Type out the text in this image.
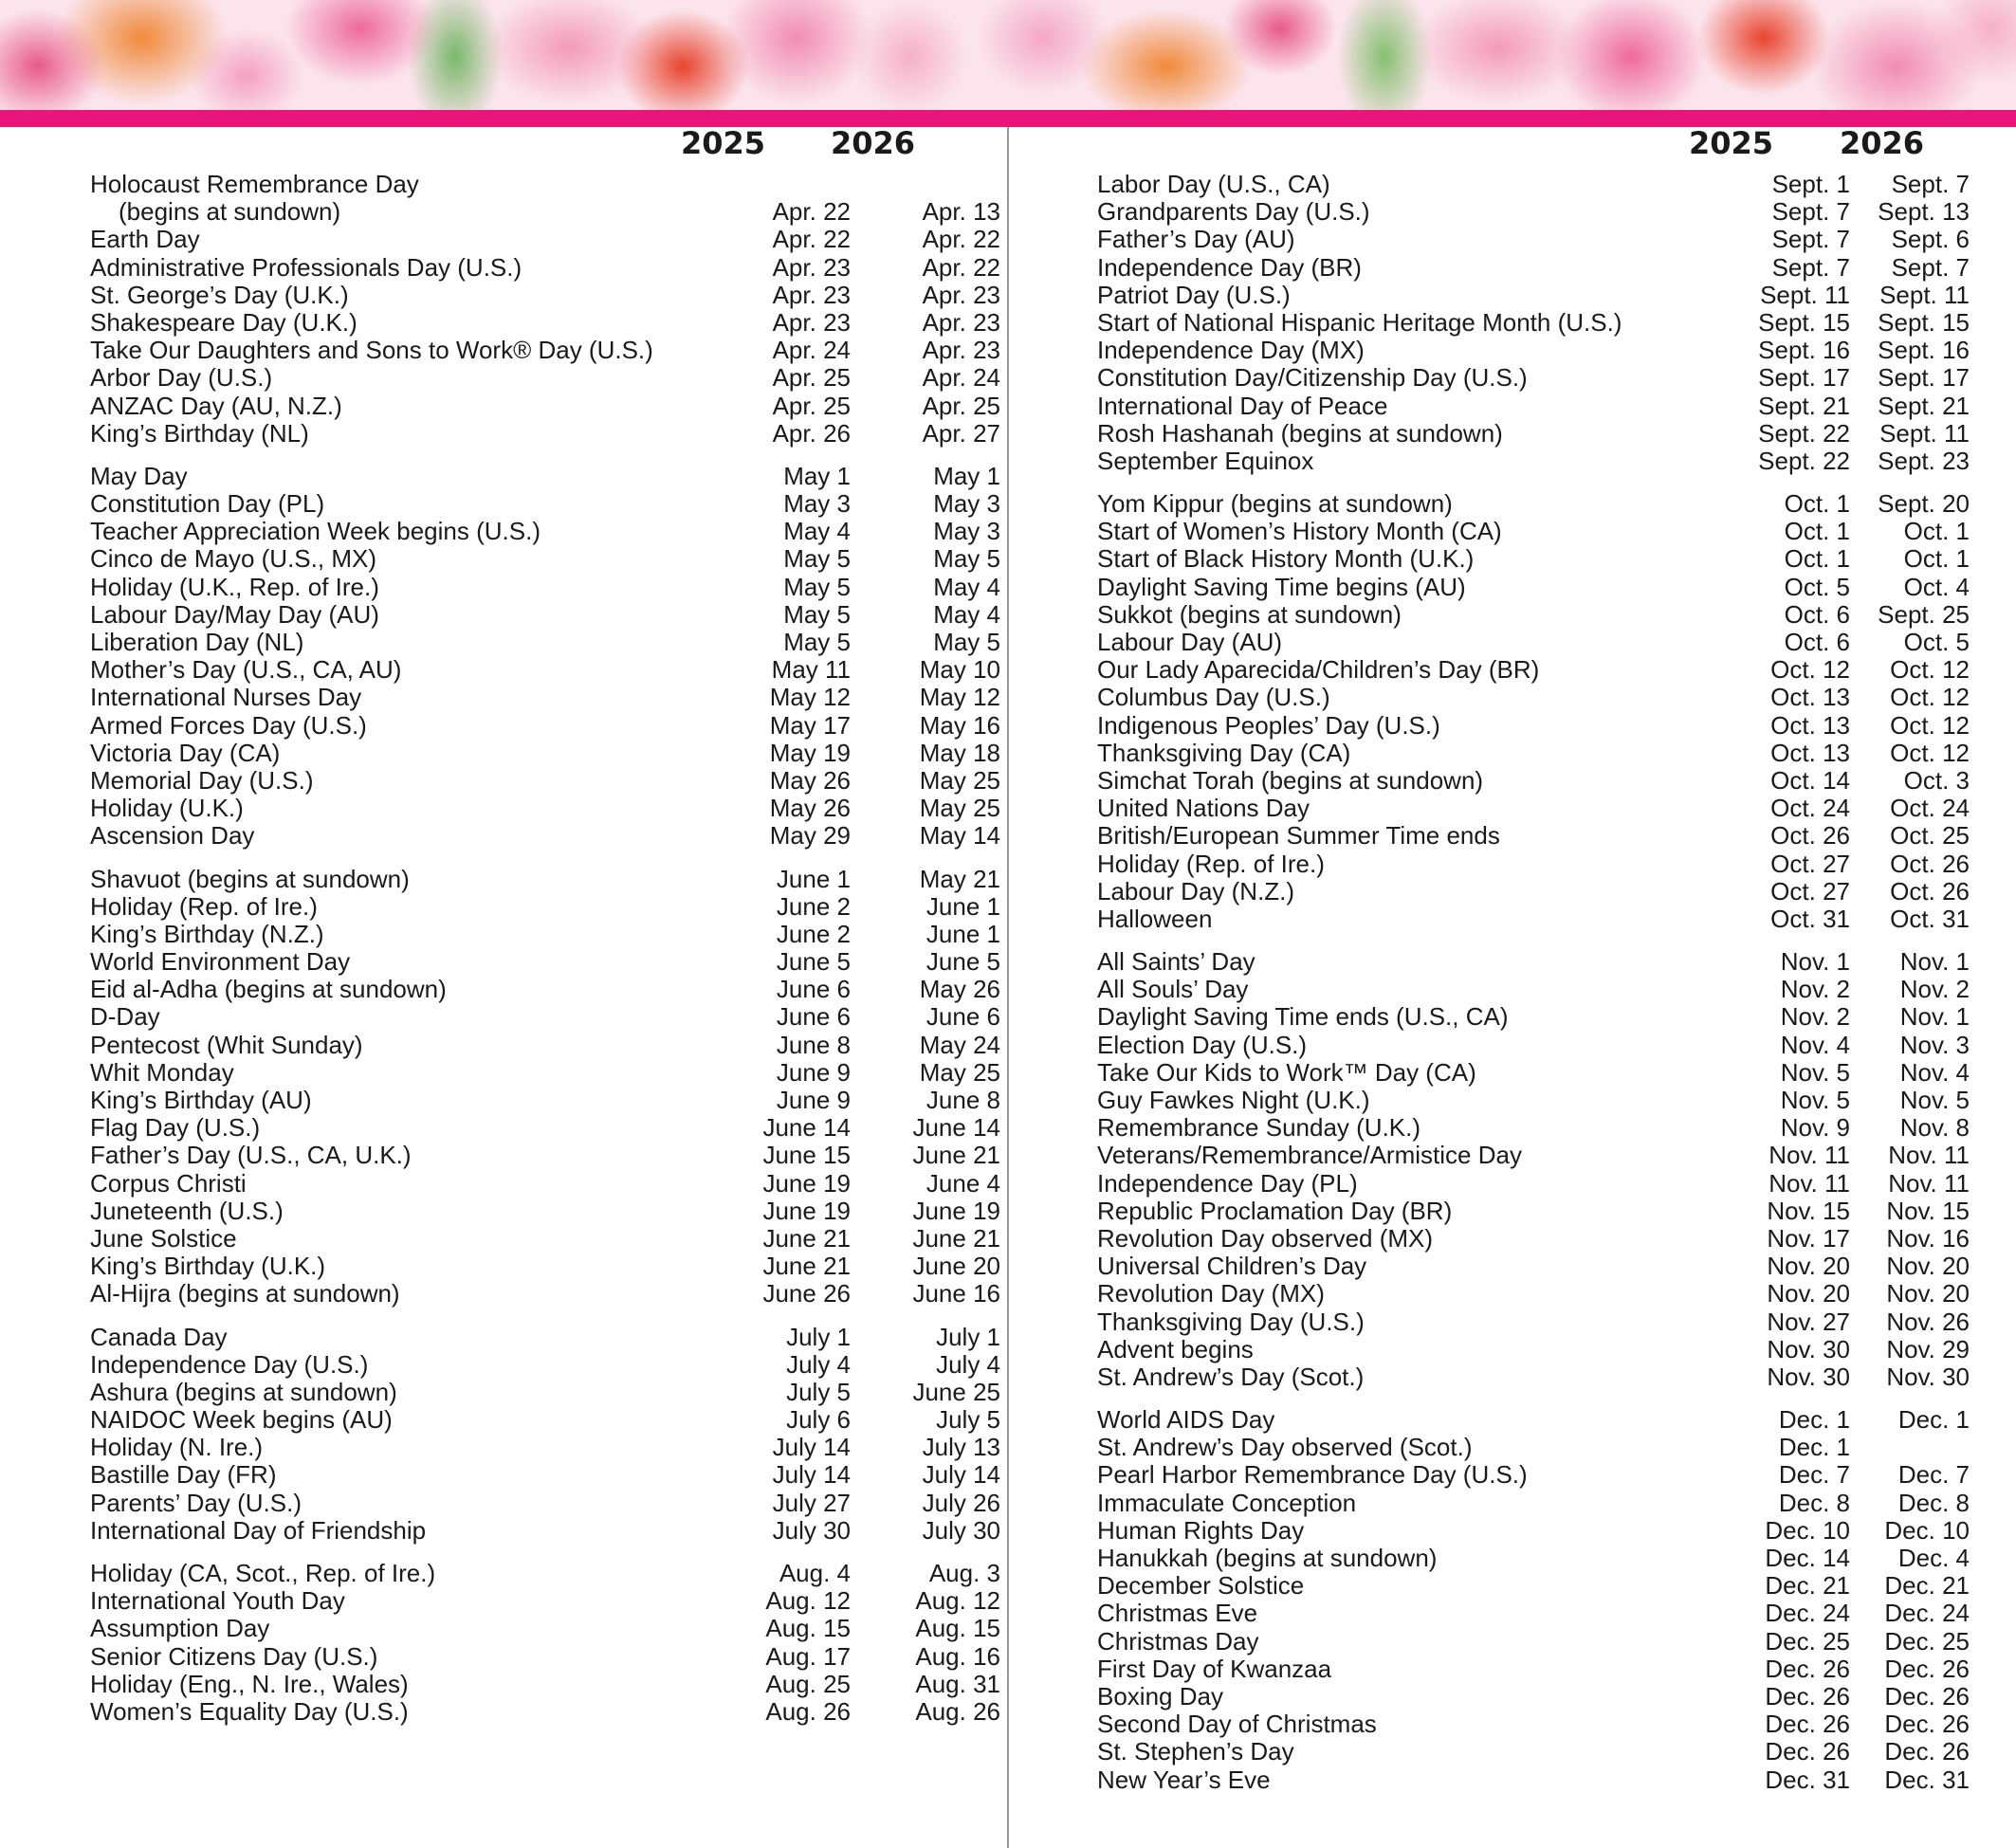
2025 2026	2025 2026
Holocaust Remembrance Day
(begins at sundown)	Apr. 22	Apr. 13
Earth Day	Apr. 22	Apr. 22
Administrative Professionals Day (U.S.)	Apr. 23	Apr. 22
St. George’s Day (U.K.)	Apr. 23	Apr. 23
Shakespeare Day (U.K.)	Apr. 23	Apr. 23
Take Our Daughters and Sons to Work® Day (U.S.)	Apr. 24	Apr. 23
Arbor Day (U.S.)	Apr. 25	Apr. 24
ANZAC Day (AU, N.Z.)	Apr. 25	Apr. 25
King’s Birthday (NL)	Apr. 26	Apr. 27
May Day	May 1	May 1
Constitution Day (PL)	May 3	May 3
Teacher Appreciation Week begins (U.S.)	May 4	May 3
Cinco de Mayo (U.S., MX)	May 5	May 5
Holiday (U.K., Rep. of Ire.)	May 5	May 4
Labour Day/May Day (AU)	May 5	May 4
Liberation Day (NL)	May 5	May 5
Mother’s Day (U.S., CA, AU)	May 11	May 10
International Nurses Day	May 12	May 12
Armed Forces Day (U.S.)	May 17	May 16
Victoria Day (CA)	May 19	May 18
Memorial Day (U.S.)	May 26	May 25
Holiday (U.K.)	May 26	May 25
Ascension Day	May 29	May 14
Shavuot (begins at sundown)	June 1	May 21
Holiday (Rep. of Ire.)	June 2	June 1
King’s Birthday (N.Z.)	June 2	June 1
World Environment Day	June 5	June 5
Eid al-Adha (begins at sundown)	June 6	May 26
D-Day	June 6	June 6
Pentecost (Whit Sunday)	June 8	May 24
Whit Monday	June 9	May 25
King’s Birthday (AU)	June 9	June 8
Flag Day (U.S.)	June 14	June 14
Father’s Day (U.S., CA, U.K.)	June 15	June 21
Corpus Christi	June 19	June 4
Juneteenth (U.S.)	June 19	June 19
June Solstice	June 21	June 21
King’s Birthday (U.K.)	June 21	June 20
Al-Hijra (begins at sundown)	June 26	June 16
Canada Day	July 1	July 1
Independence Day (U.S.)	July 4	July 4
Ashura (begins at sundown)	July 5	June 25
NAIDOC Week begins (AU)	July 6	July 5
Holiday (N. Ire.)	July 14	July 13
Bastille Day (FR)	July 14	July 14
Parents’ Day (U.S.)	July 27	July 26
International Day of Friendship	July 30	July 30
Holiday (CA, Scot., Rep. of Ire.)	Aug. 4	Aug. 3
International Youth Day	Aug. 12	Aug. 12
Assumption Day	Aug. 15	Aug. 15
Senior Citizens Day (U.S.)	Aug. 17	Aug. 16
Holiday (Eng., N. Ire., Wales)	Aug. 25	Aug. 31
Women’s Equality Day (U.S.)	Aug. 26	Aug. 26
Labor Day (U.S., CA)	Sept. 1 Sept. 7
Grandparents Day (U.S.)	Sept. 7 Sept. 13
Father’s Day (AU)	Sept. 7 Sept. 6
Independence Day (BR)	Sept. 7 Sept. 7
Patriot Day (U.S.)	Sept. 11 Sept. 11
Start of National Hispanic Heritage Month (U.S.)	Sept. 15 Sept. 15
Independence Day (MX)	Sept. 16 Sept. 16
Constitution Day/Citizenship Day (U.S.)	Sept. 17 Sept. 17
International Day of Peace	Sept. 21 Sept. 21
Rosh Hashanah (begins at sundown)	Sept. 22 Sept. 11
September Equinox	Sept. 22 Sept. 23
Yom Kippur (begins at sundown)	Oct. 1 Sept. 20
Start of Women’s History Month (CA)	Oct. 1 Oct. 1
Start of Black History Month (U.K.)	Oct. 1 Oct. 1
Daylight Saving Time begins (AU)	Oct. 5 Oct. 4
Sukkot (begins at sundown)	Oct. 6 Sept. 25
Labour Day (AU)	Oct. 6 Oct. 5
Our Lady Aparecida/Children’s Day (BR)	Oct. 12 Oct. 12
Columbus Day (U.S.)	Oct. 13 Oct. 12
Indigenous Peoples’ Day (U.S.)	Oct. 13 Oct. 12
Thanksgiving Day (CA)	Oct. 13 Oct. 12
Simchat Torah (begins at sundown)	Oct. 14 Oct. 3
United Nations Day	Oct. 24 Oct. 24
British/European Summer Time ends	Oct. 26 Oct. 25
Holiday (Rep. of Ire.)	Oct. 27 Oct. 26
Labour Day (N.Z.)	Oct. 27 Oct. 26
Halloween	Oct. 31 Oct. 31
All Saints’ Day	Nov. 1 Nov. 1
All Souls’ Day	Nov. 2 Nov. 2
Daylight Saving Time ends (U.S., CA)	Nov. 2 Nov. 1
Election Day (U.S.)	Nov. 4 Nov. 3
Take Our Kids to Work™ Day (CA)	Nov. 5 Nov. 4
Guy Fawkes Night (U.K.)	Nov. 5 Nov. 5
Remembrance Sunday (U.K.)	Nov. 9 Nov. 8
Veterans/Remembrance/Armistice Day	Nov. 11 Nov. 11
Independence Day (PL)	Nov. 11 Nov. 11
Republic Proclamation Day (BR)	Nov. 15 Nov. 15
Revolution Day observed (MX)	Nov. 17 Nov. 16
Universal Children’s Day	Nov. 20 Nov. 20
Revolution Day (MX)	Nov. 20 Nov. 20
Thanksgiving Day (U.S.)	Nov. 27 Nov. 26
Advent begins	Nov. 30 Nov. 29
St. Andrew’s Day (Scot.)	Nov. 30 Nov. 30
World AIDS Day	Dec. 1 Dec. 1
St. Andrew’s Day observed (Scot.)	Dec. 1
Pearl Harbor Remembrance Day (U.S.)	Dec. 7 Dec. 7
Immaculate Conception	Dec. 8 Dec. 8
Human Rights Day	Dec. 10 Dec. 10
Hanukkah (begins at sundown)	Dec. 14 Dec. 4
December Solstice	Dec. 21 Dec. 21
Christmas Eve	Dec. 24 Dec. 24
Christmas Day	Dec. 25 Dec. 25
First Day of Kwanzaa	Dec. 26 Dec. 26
Boxing Day	Dec. 26 Dec. 26
Second Day of Christmas	Dec. 26 Dec. 26
St. Stephen’s Day	Dec. 26 Dec. 26
New Year’s Eve	Dec. 31 Dec. 31
